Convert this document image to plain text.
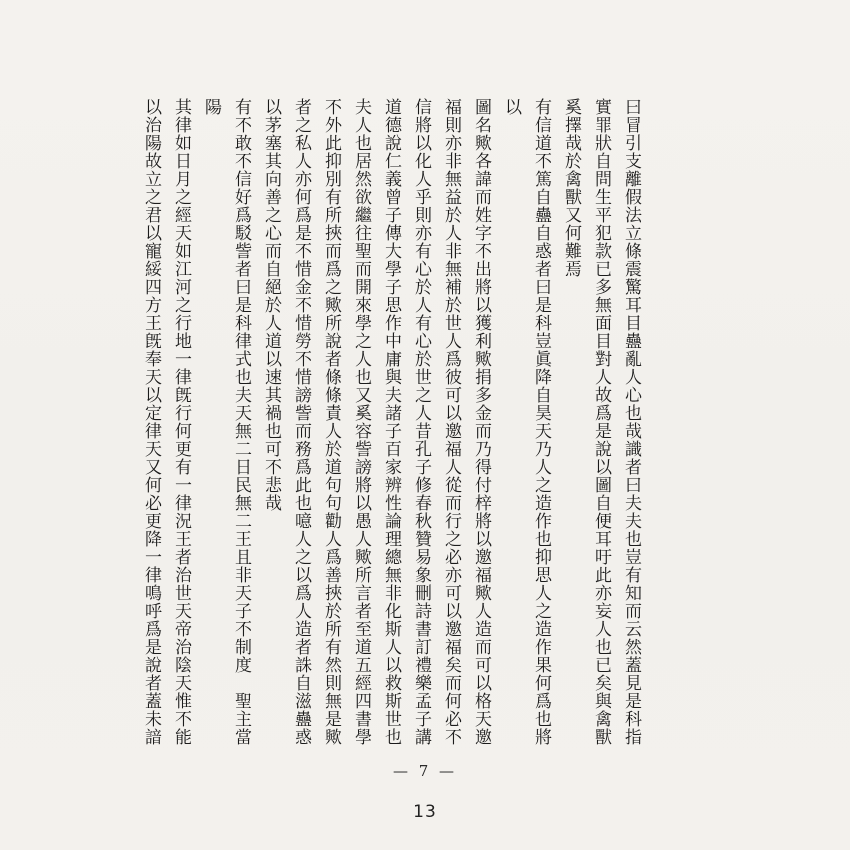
曰冒引支離假法立條震驚耳目蠱亂人心也哉識者曰夫夫也豈有知而云然蓋見是科指
實罪狀自問生平犯款已多無面目對人故爲是說以圖自便耳吁此亦妄人也已矣與禽獸
奚擇哉於禽獸又何難焉
有信道不篤自蠱自惑者曰是科豈眞降自昊天乃人之造作也抑思人之造作果何爲也將以
圖名歟各諱而姓字不出將以獲利歟捐多金而乃得付梓將以邀福歟人造而可以格天邀
福則亦非無益於人非無補於世人爲彼可以邀福人從而行之必亦可以邀福矣而何必不
信將以化人乎則亦有心於人有心於世之人昔孔子修春秋贊易象刪詩書訂禮樂孟子講
道德說仁義曾子傳大學子思作中庸與夫諸子百家辨性論理總無非化斯人以救斯世也
夫人也居然欲繼往聖而開來學之人也又奚容訾謗將以愚人歟所言者至道五經四書學
不外此抑別有所挾而爲之歟所說者條條責人於道句句勸人爲善挾於所有然則無是歟
者之私人亦何爲是不惜金不惜勞不惜謗訾而務爲此也噫人之以爲人造者誅自滋蠱惑
以茅塞其向善之心而自絕於人道以速其禍也可不悲哉
有不敢不信好爲駁訾者曰是科律式也夫天無二日民無二王且非天子不制度　聖主當陽
其律如日月之經天如江河之行地一律旣行何更有一律況王者治世天帝治陰天惟不能
以治陽故立之君以寵綏四方王旣奉天以定律天又何必更降一律鳴呼爲是說者蓋未諳
— 7 —
13
